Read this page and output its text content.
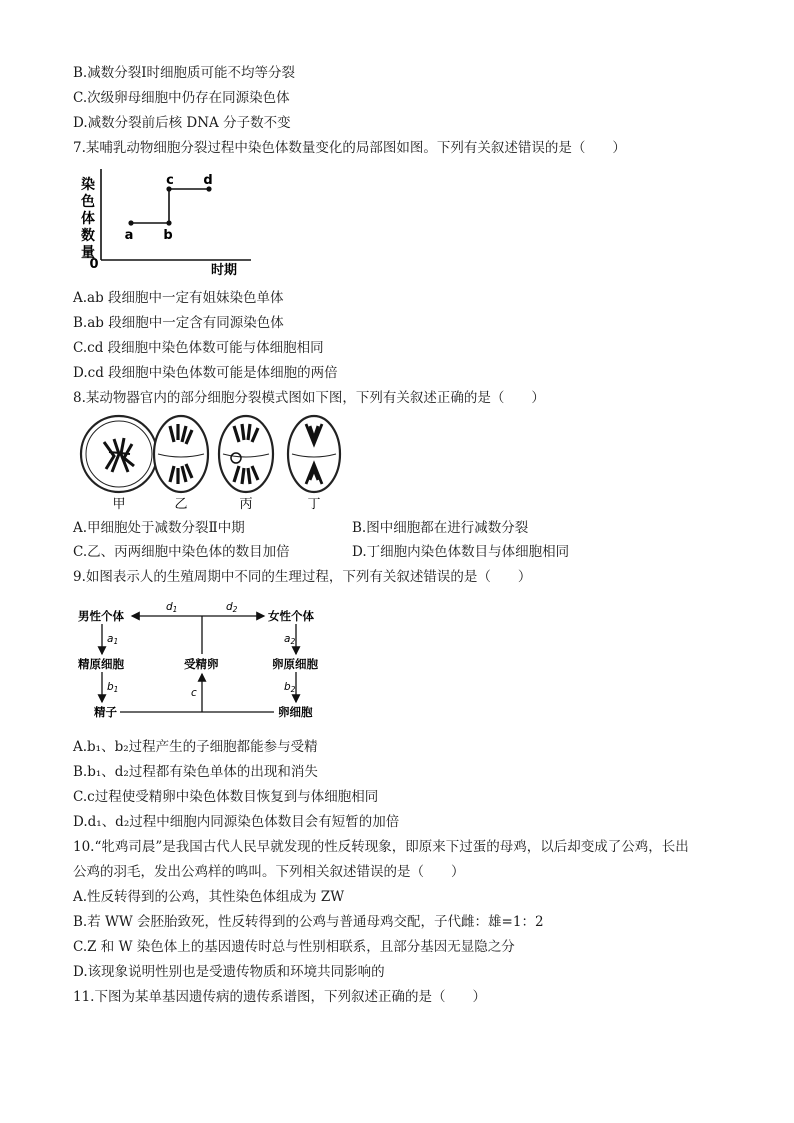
B.减数分裂Ⅰ时细胞质可能不均等分裂
C.次级卵母细胞中仍存在同源染色体
D.减数分裂前后核 DNA 分子数不变
7.某哺乳动物细胞分裂过程中染色体数量变化的局部图如图。下列有关叙述错误的是（　　）
染
色
体
数
量
0	时期
a b
c d
A.ab 段细胞中一定有姐妹染色单体
B.ab 段细胞中一定含有同源染色体
C.cd 段细胞中染色体数可能与体细胞相同
D.cd 段细胞中染色体数可能是体细胞的两倍
8.某动物器官内的部分细胞分裂模式图如下图，下列有关叙述正确的是（　　）
甲	乙	丙	丁
A.甲细胞处于减数分裂Ⅱ中期	B.图中细胞都在进行减数分裂
C.乙、丙两细胞中染色体的数目加倍	D.丁细胞内染色体数目与体细胞相同
9.如图表示人的生殖周期中不同的生理过程，下列有关叙述错误的是（　　）
男性个体	女性个体
精原细胞	受精卵	卵原细胞
精子	卵细胞
d1	d2
a1
b1
a2
b2
c
A.b₁、b₂过程产生的子细胞都能参与受精
B.b₁、d₂过程都有染色单体的出现和消失
C.c过程使受精卵中染色体数目恢复到与体细胞相同
D.d₁、d₂过程中细胞内同源染色体数目会有短暂的加倍
10.“牝鸡司晨”是我国古代人民早就发现的性反转现象，即原来下过蛋的母鸡，以后却变成了公鸡，长出
公鸡的羽毛，发出公鸡样的鸣叫。下列相关叙述错误的是（　　）
A.性反转得到的公鸡，其性染色体组成为 ZW
B.若 WW 会胚胎致死，性反转得到的公鸡与普通母鸡交配，子代雌：雄=1：2
C.Z 和 W 染色体上的基因遗传时总与性别相联系，且部分基因无显隐之分
D.该现象说明性别也是受遗传物质和环境共同影响的
11.下图为某单基因遗传病的遗传系谱图，下列叙述正确的是（　　）
